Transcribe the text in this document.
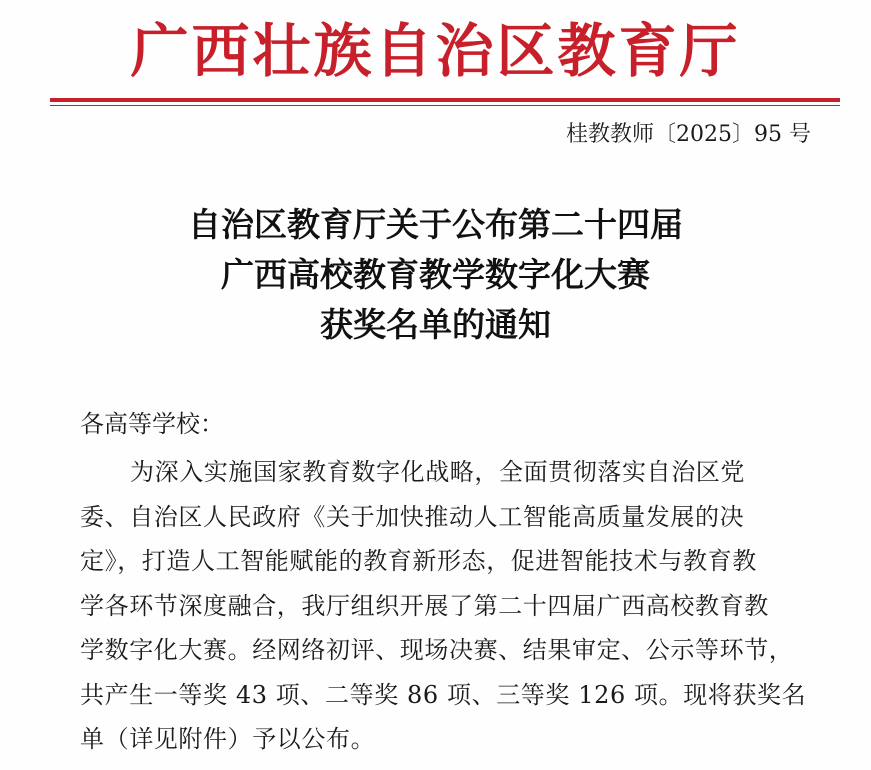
广西壮族自治区教育厅
桂教教师〔2025〕95 号
自治区教育厅关于公布第二十四届
广西高校教育教学数字化大赛
获奖名单的通知
各高等学校：
为深入实施国家教育数字化战略，全面贯彻落实自治区党
委、自治区人民政府《关于加快推动人工智能高质量发展的决
定》，打造人工智能赋能的教育新形态，促进智能技术与教育教
学各环节深度融合，我厅组织开展了第二十四届广西高校教育教
学数字化大赛。经网络初评、现场决赛、结果审定、公示等环节，
共产生一等奖 43 项、二等奖 86 项、三等奖 126 项。现将获奖名
单（详见附件）予以公布。
